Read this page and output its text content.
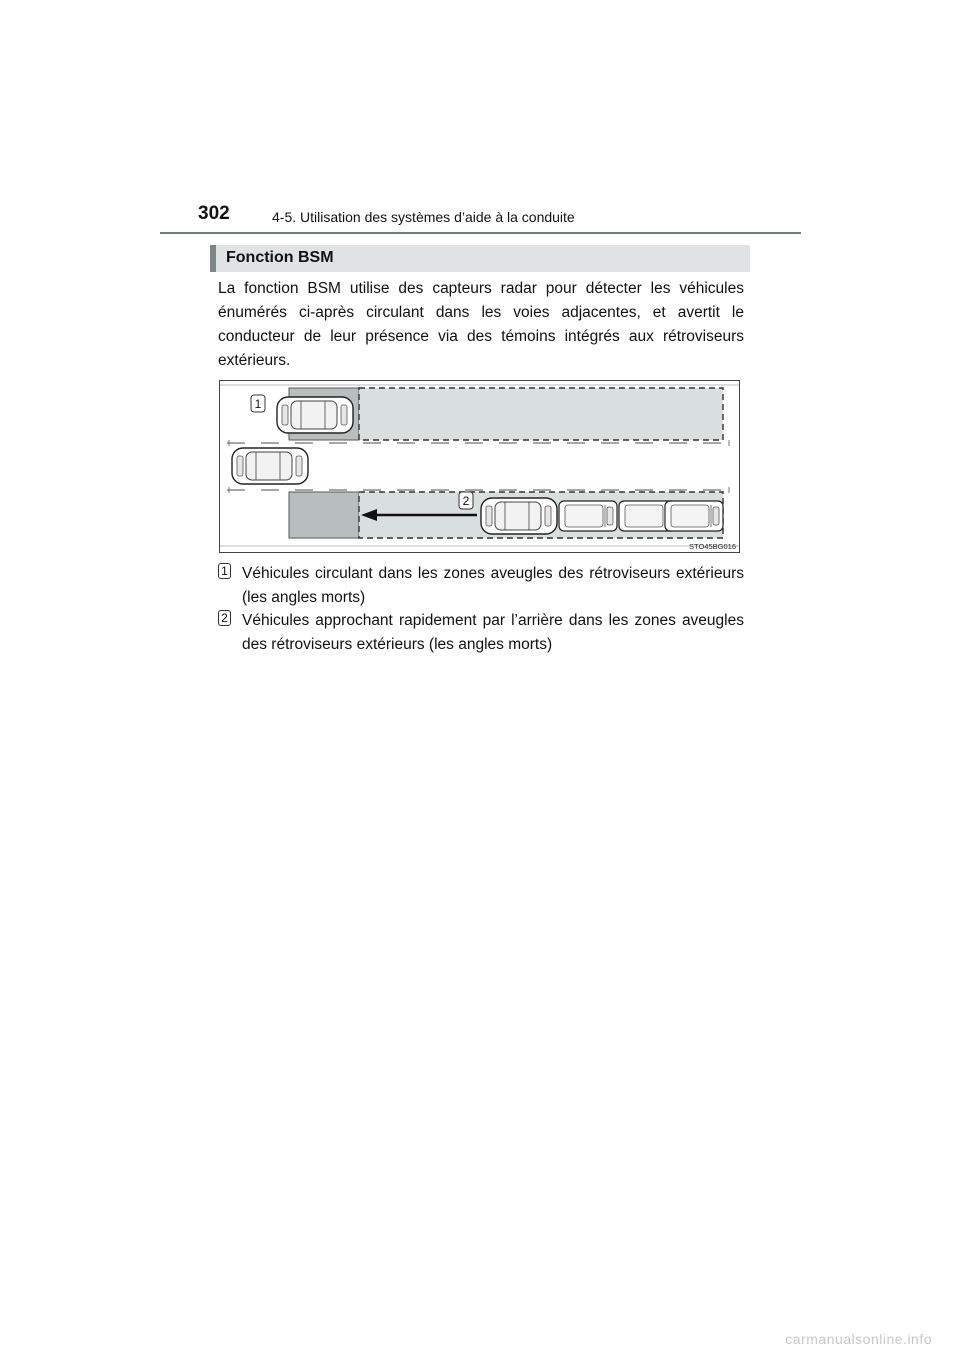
302	4-5. Utilisation des systèmes d’aide à la conduite
Fonction BSM

La fonction BSM utilise des capteurs radar pour détecter les véhicules énumérés ci-après circulant dans les voies adjacentes, et avertit le conducteur de leur présence via des témoins intégrés aux rétroviseurs extérieurs.

1
2
STO45BG016
1 Véhicules circulant dans les zones aveugles des rétroviseurs extérieurs (les angles morts)

2 Véhicules approchant rapidement par l’arrière dans les zones aveugles des rétroviseurs extérieurs (les angles morts)

carmanualsonline.info
